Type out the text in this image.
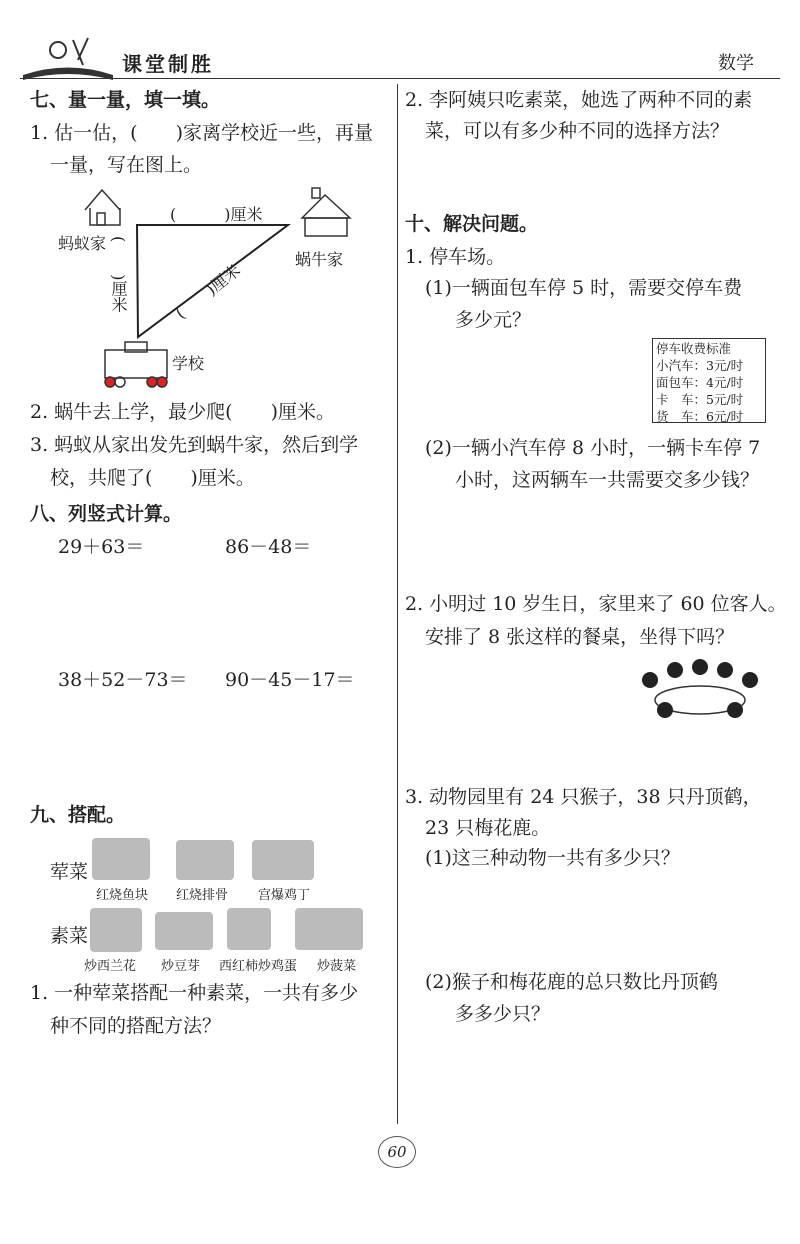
课堂制胜	数学
七、量一量，填一填。
1. 估一估，(　　)家离学校近一些，再量
一量，写在图上。
(　　　)厘米
蚂蚁家
蜗牛家
(　　)厘米	(　　)厘米
学校
2. 蜗牛去上学，最少爬(　　)厘米。
3. 蚂蚁从家出发先到蜗牛家，然后到学
校，共爬了(　　)厘米。
八、列竖式计算。
29＋63＝	86－48＝
38＋52－73＝ 90－45－17＝
九、搭配。
荤菜
素菜
红烧鱼块 红烧排骨 宫爆鸡丁
炒西兰花 炒豆芽 西红柿炒鸡蛋 炒菠菜
1. 一种荤菜搭配一种素菜，一共有多少
种不同的搭配方法？
2. 李阿姨只吃素菜，她选了两种不同的素
菜，可以有多少种不同的选择方法？
十、解决问题。
1. 停车场。
(1)一辆面包车停 5 时，需要交停车费
多少元？
停车收费标准
小汽车：3元/时
面包车：4元/时
卡　车：5元/时
货　车：6元/时
(2)一辆小汽车停 8 小时，一辆卡车停 7
小时，这两辆车一共需要交多少钱？
2. 小明过 10 岁生日，家里来了 60 位客人。
安排了 8 张这样的餐桌，坐得下吗？
3. 动物园里有 24 只猴子，38 只丹顶鹤，
23 只梅花鹿。
(1)这三种动物一共有多少只？
(2)猴子和梅花鹿的总只数比丹顶鹤
多多少只？
60
